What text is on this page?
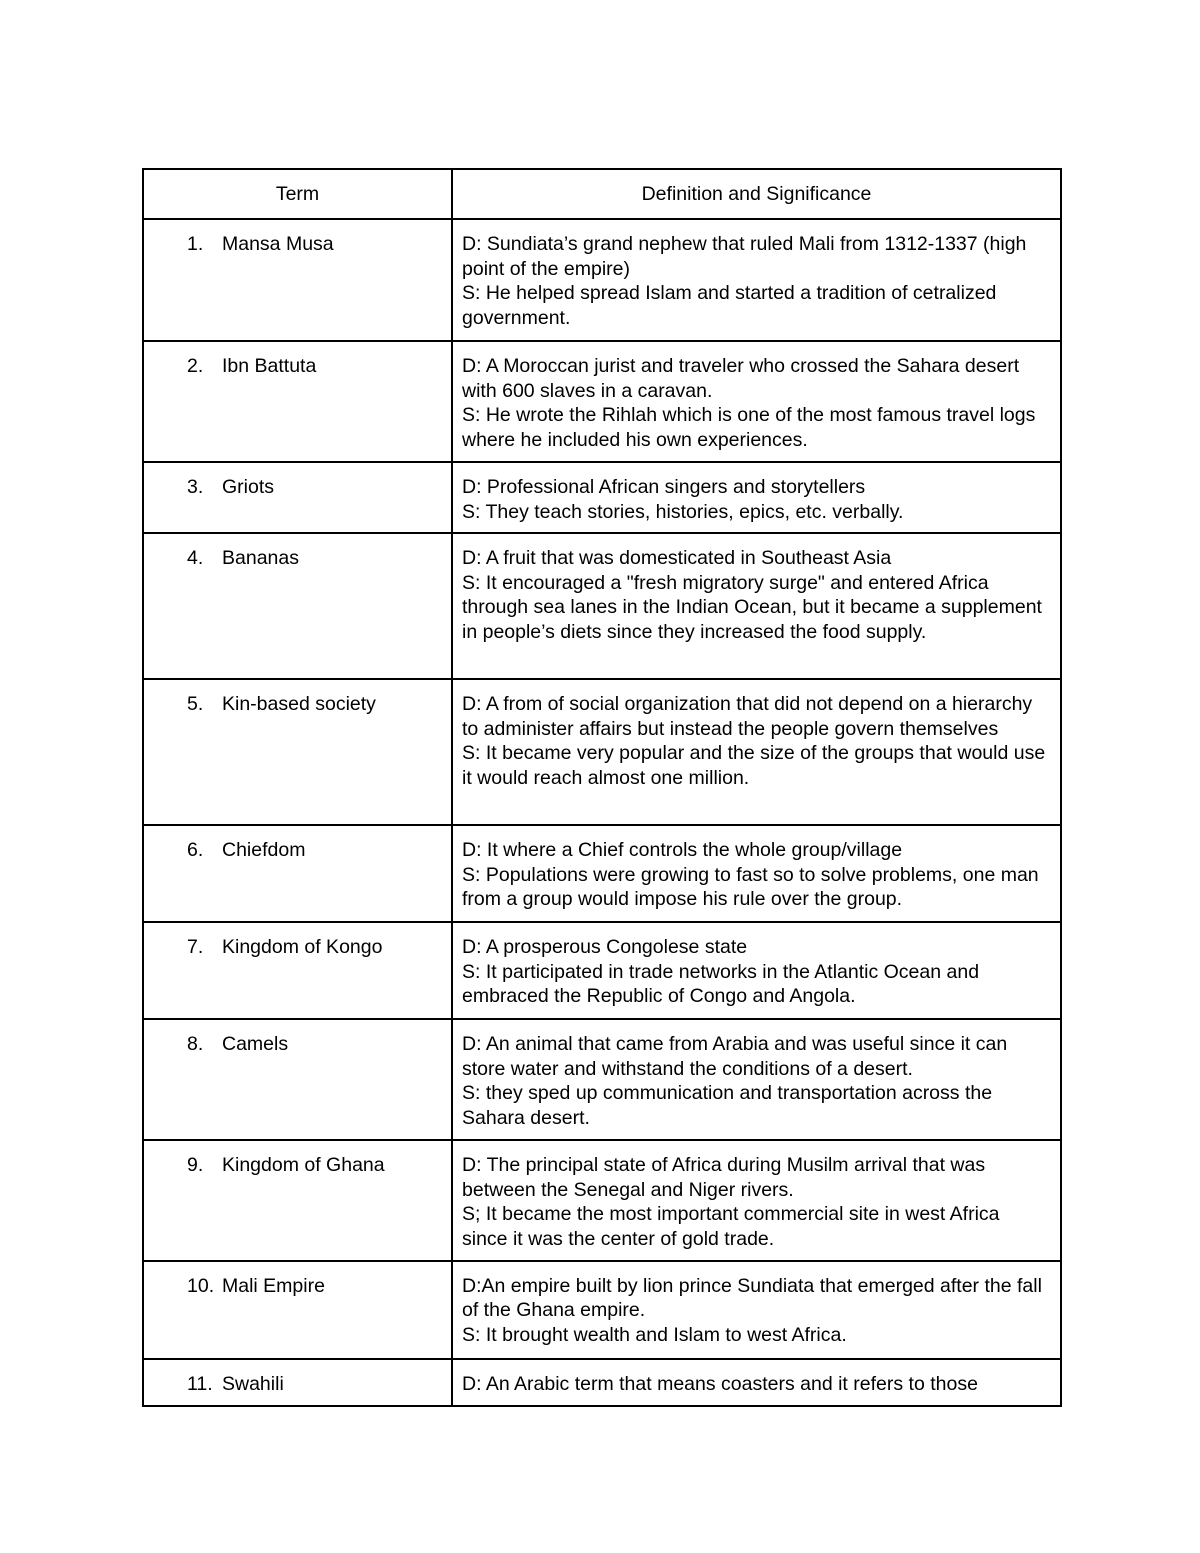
Term	Definition and Significance

1. Mansa Musa	D: Sundiata’s grand nephew that ruled Mali from 1312-1337 (high point of the empire)
S: He helped spread Islam and started a tradition of cetralized government.

2. Ibn Battuta	D: A Moroccan jurist and traveler who crossed the Sahara desert with 600 slaves in a caravan.
S: He wrote the Rihlah which is one of the most famous travel logs where he included his own experiences.

3. Griots	D: Professional African singers and storytellers
S: They teach stories, histories, epics, etc. verbally.

4. Bananas	D: A fruit that was domesticated in Southeast Asia
S: It encouraged a "fresh migratory surge" and entered Africa through sea lanes in the Indian Ocean, but it became a supplement in people’s diets since they increased the food supply.

5. Kin-based society	D: A from of social organization that did not depend on a hierarchy to administer affairs but instead the people govern themselves
S: It became very popular and the size of the groups that would use it would reach almost one million.

6. Chiefdom	D: It where a Chief controls the whole group/village
S: Populations were growing to fast so to solve problems, one man from a group would impose his rule over the group.

7. Kingdom of Kongo	D: A prosperous Congolese state
S: It participated in trade networks in the Atlantic Ocean and embraced the Republic of Congo and Angola.

8. Camels	D: An animal that came from Arabia and was useful since it can store water and withstand the conditions of a desert.
S: they sped up communication and transportation across the Sahara desert.

9. Kingdom of Ghana	D: The principal state of Africa during Musilm arrival that was between the Senegal and Niger rivers.
S; It became the most important commercial site in west Africa since it was the center of gold trade.

10. Mali Empire	D:An empire built by lion prince Sundiata that emerged after the fall of the Ghana empire.
S: It brought wealth and Islam to west Africa.

11. Swahili	D: An Arabic term that means coasters and it refers to those
